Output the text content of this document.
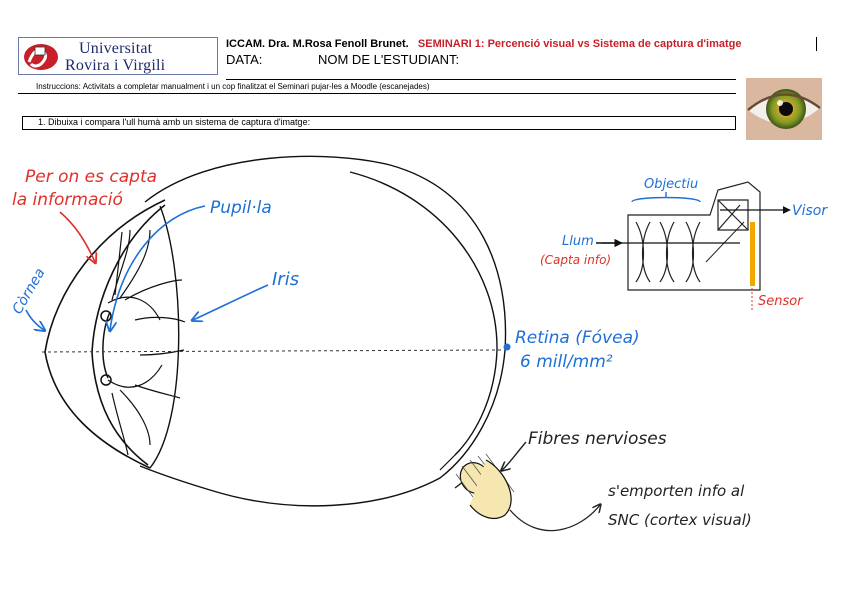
Universitat
Rovira i Virgili
ICCAM. Dra. M.Rosa Fenoll Brunet. SEMINARI 1: Percenció visual vs Sistema de captura d'imatge
DATA:	NOM DE L'ESTUDIANT:
Instruccions: Activitats a completar manualment i un cop finalitzat el Seminari pujar-les a Moodle (escanejades)
1. Dibuixa i compara l'ull humà amb un sistema de captura d'imatge:
Per on es capta
la informació	Pupil·la
Iris
Còrnea
Retina (Fóvea)
6 mill/mm²
Fibres nervioses
s'emporten info al
SNC (cortex visual)
Objectiu
Llum
(Capta info)
Visor
Sensor
